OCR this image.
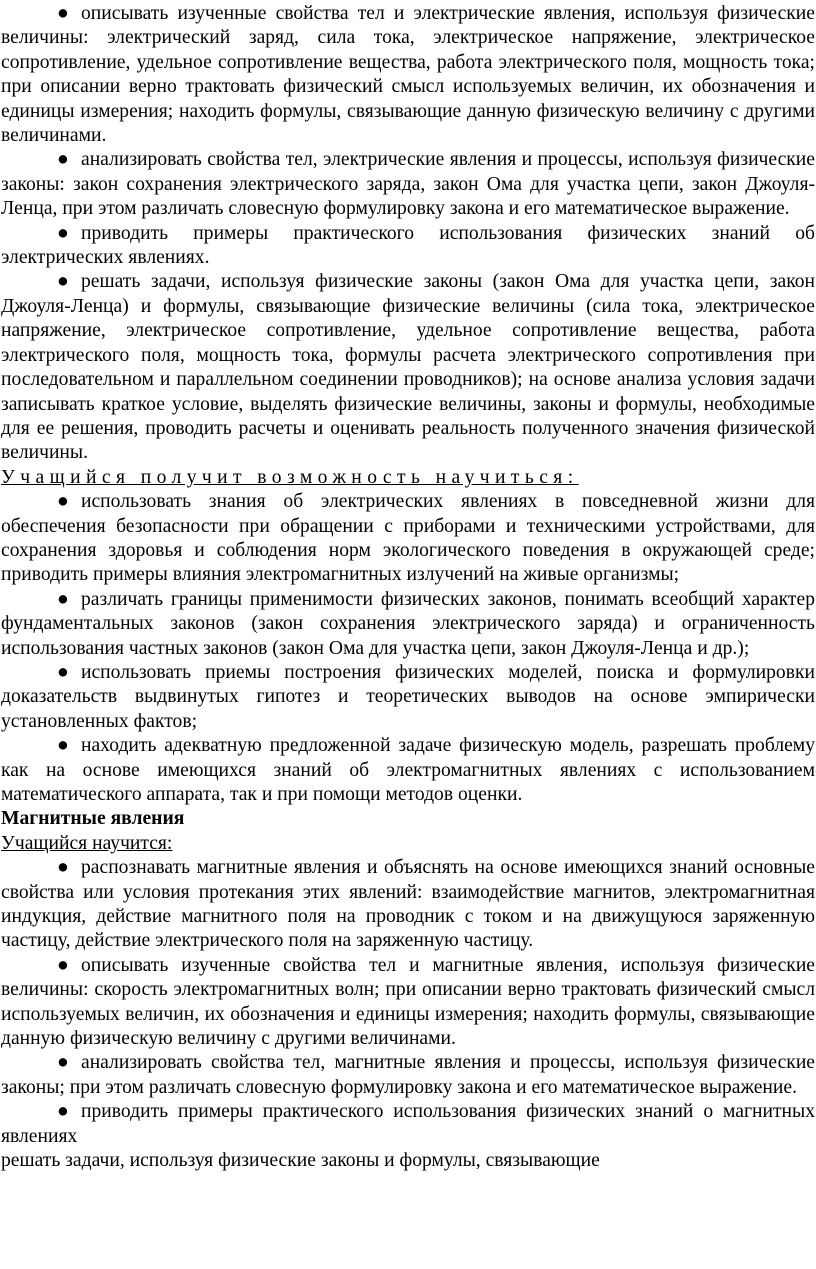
● описывать изученные свойства тел и электрические явления, используя физические величины: электрический заряд, сила тока, электрическое напряжение, электрическое сопротивление, удельное сопротивление вещества, работа электрического поля, мощность тока; при описании верно трактовать физический смысл используемых величин, их обозначения и единицы измерения; находить формулы, связывающие данную физическую величину с другими величинами.

● анализировать свойства тел, электрические явления и процессы, используя физические законы: закон сохранения электрического заряда, закон Ома для участка цепи, закон Джоуля-Ленца, при этом различать словесную формулировку закона и его математическое выражение.

● приводить примеры практического использования физических знаний об электрических явлениях.

● решать задачи, используя физические законы (закон Ома для участка цепи, закон Джоуля-Ленца) и формулы, связывающие физические величины (сила тока, электрическое напряжение, электрическое сопротивление, удельное сопротивление вещества, работа электрического поля, мощность тока, формулы расчета электрического сопротивления при последовательном и параллельном соединении проводников); на основе анализа условия задачи записывать краткое условие, выделять физические величины, законы и формулы, необходимые для ее решения, проводить расчеты и оценивать реальность полученного значения физической величины.

Учащийся получит возможность научиться:

● использовать знания об электрических явлениях в повседневной жизни для обеспечения безопасности при обращении с приборами и техническими устройствами, для сохранения здоровья и соблюдения норм экологического поведения в окружающей среде; приводить примеры влияния электромагнитных излучений на живые организмы;

● различать границы применимости физических законов, понимать всеобщий характер фундаментальных законов (закон сохранения электрического заряда) и ограниченность использования частных законов (закон Ома для участка цепи, закон Джоуля-Ленца и др.);

● использовать приемы построения физических моделей, поиска и формулировки доказательств выдвинутых гипотез и теоретических выводов на основе эмпирически установленных фактов;

● находить адекватную предложенной задаче физическую модель, разрешать проблему как на основе имеющихся знаний об электромагнитных явлениях с использованием математического аппарата, так и при помощи методов оценки.

Магнитные явления

Учащийся научится:

● распознавать магнитные явления и объяснять на основе имеющихся знаний основные свойства или условия протекания этих явлений: взаимодействие магнитов, электромагнитная индукция, действие магнитного поля на проводник с током и на движущуюся заряженную частицу, действие электрического поля на заряженную частицу.

● описывать изученные свойства тел и магнитные явления, используя физические величины: скорость электромагнитных волн; при описании верно трактовать физический смысл используемых величин, их обозначения и единицы измерения; находить формулы, связывающие данную физическую величину с другими величинами.

● анализировать свойства тел, магнитные явления и процессы, используя физические законы; при этом различать словесную формулировку закона и его математическое выражение.

● приводить примеры практического использования физических знаний о магнитных явлениях

решать задачи, используя физические законы и формулы, связывающие
